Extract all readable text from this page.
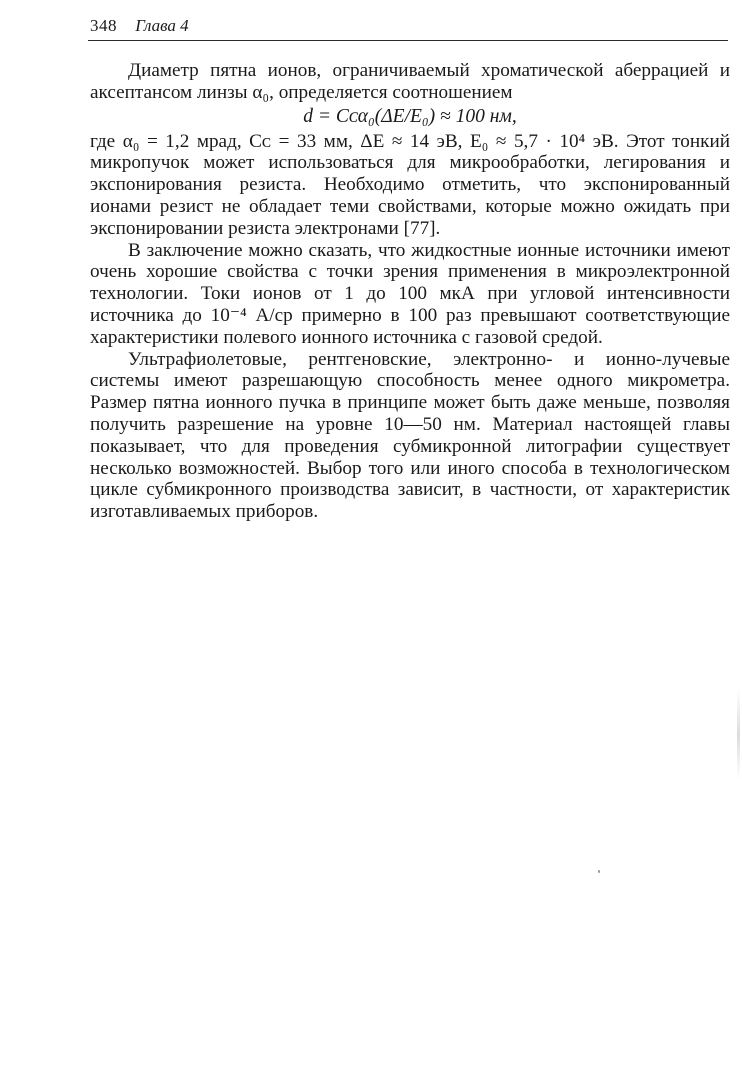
348 Глава 4

Диаметр пятна ионов, ограничиваемый хроматической аберрацией и аксептансом линзы α₀, определяется соотношением

d = Cᴄα₀(ΔE/E₀) ≈ 100 нм,

где α₀ = 1,2 мрад, Cᴄ = 33 мм, ΔE ≈ 14 эВ, E₀ ≈ 5,7 · 10⁴ эВ. Этот тонкий микропучок может использоваться для микрообработки, легирования и экспонирования резиста. Необходимо отметить, что экспонированный ионами резист не обладает теми свойствами, которые можно ожидать при экспонировании резиста электронами [77].

В заключение можно сказать, что жидкостные ионные источники имеют очень хорошие свойства с точки зрения применения в микроэлектронной технологии. Токи ионов от 1 до 100 мкА при угловой интенсивности источника до 10⁻⁴ А/ср примерно в 100 раз превышают соответствующие характеристики полевого ионного источника с газовой средой.

Ультрафиолетовые, рентгеновские, электронно- и ионно-лучевые системы имеют разрешающую способность менее одного микрометра. Размер пятна ионного пучка в принципе может быть даже меньше, позволяя получить разрешение на уровне 10—50 нм. Материал настоящей главы показывает, что для проведения субмикронной литографии существует несколько возможностей. Выбор того или иного способа в технологическом цикле субмикронного производства зависит, в частности, от характеристик изготавливаемых приборов.
